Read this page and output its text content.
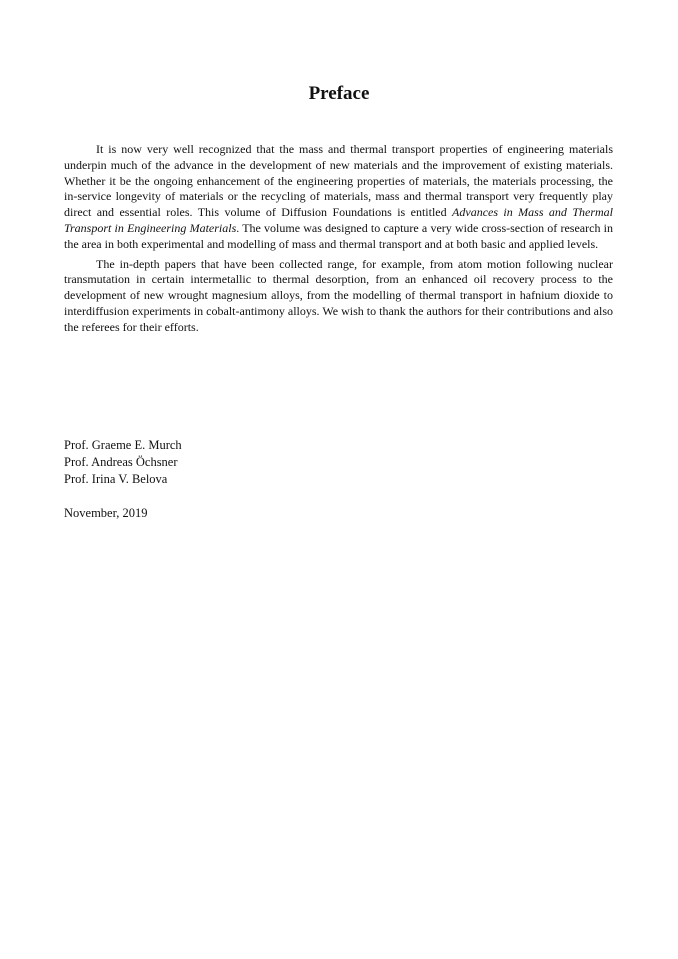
Preface

It is now very well recognized that the mass and thermal transport properties of engineering materials underpin much of the advance in the development of new materials and the improvement of existing materials. Whether it be the ongoing enhancement of the engineering properties of materials, the materials processing, the in-service longevity of materials or the recycling of materials, mass and thermal transport very frequently play direct and essential roles. This volume of Diffusion Foundations is entitled Advances in Mass and Thermal Transport in Engineering Materials. The volume was designed to capture a very wide cross-section of research in the area in both experimental and modelling of mass and thermal transport and at both basic and applied levels.

The in-depth papers that have been collected range, for example, from atom motion following nuclear transmutation in certain intermetallic to thermal desorption, from an enhanced oil recovery process to the development of new wrought magnesium alloys, from the modelling of thermal transport in hafnium dioxide to interdiffusion experiments in cobalt-antimony alloys. We wish to thank the authors for their contributions and also the referees for their efforts.

Prof. Graeme E. Murch
Prof. Andreas Öchsner
Prof. Irina V. Belova
November, 2019
